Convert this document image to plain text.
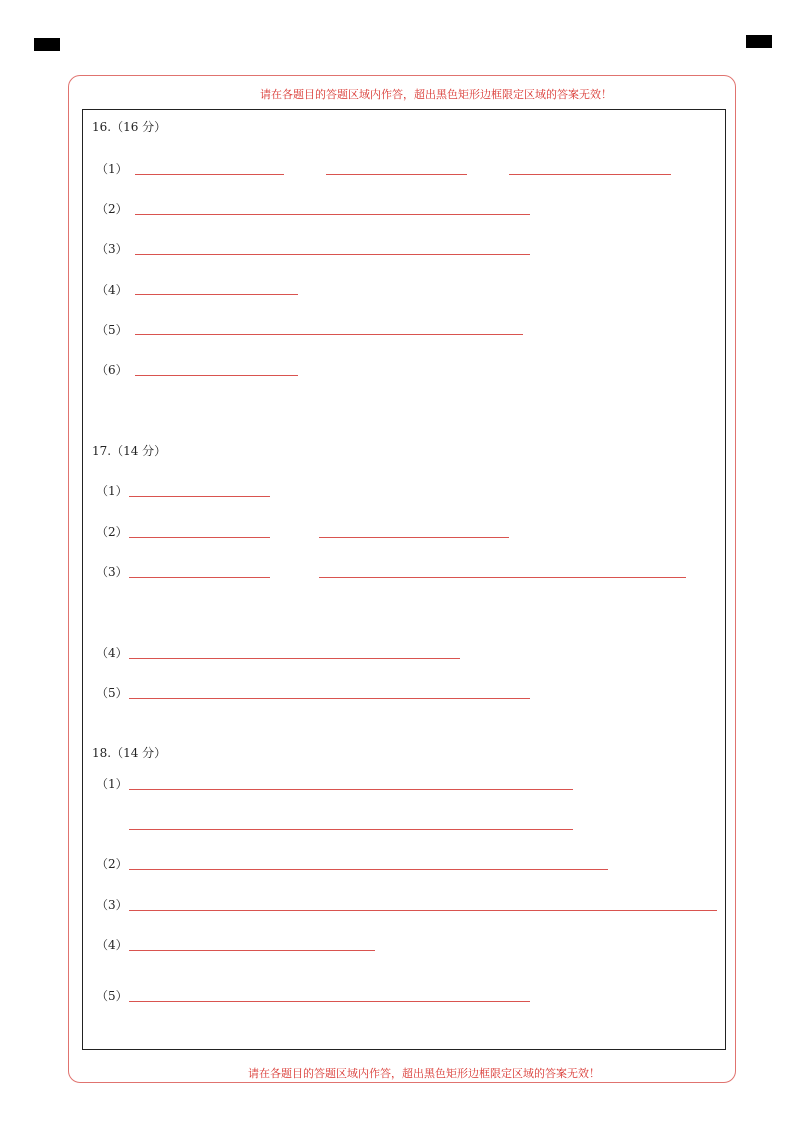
请在各题目的答题区域内作答，超出黑色矩形边框限定区域的答案无效！
请在各题目的答题区域内作答，超出黑色矩形边框限定区域的答案无效！
16.（16 分）
（1）
（2）
（3）
（4）
（5）
（6）
17.（14 分）
（1）
（2）
（3）
（4）
（5）
18.（14 分）
（1）
（2）
（3）
（4）
（5）
